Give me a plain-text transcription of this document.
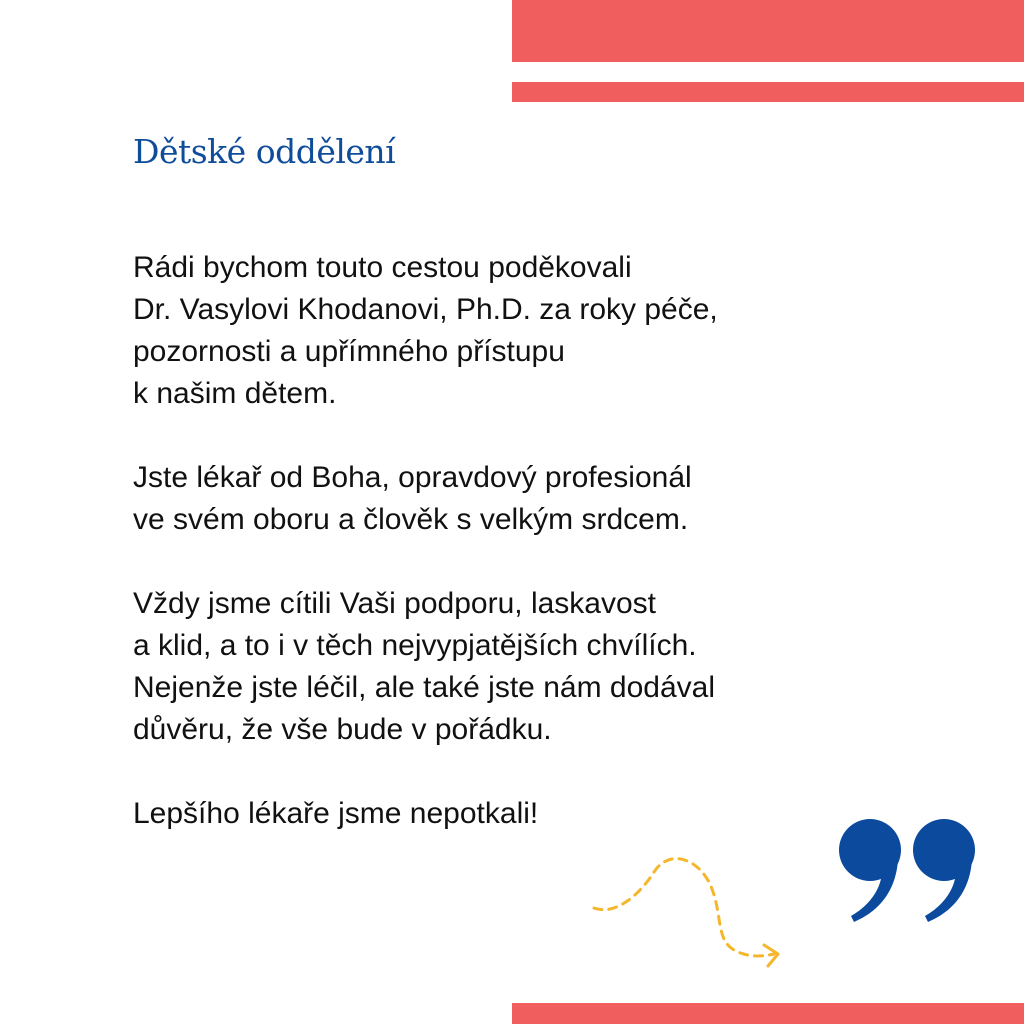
Dětské oddělení

Rádi bychom touto cestou poděkovali
Dr. Vasylovi Khodanovi, Ph.D. za roky péče,
pozornosti a upřímného přístupu
k našim dětem.

Jste lékař od Boha, opravdový profesionál
ve svém oboru a člověk s velkým srdcem.

Vždy jsme cítili Vaši podporu, laskavost
a klid, a to i v těch nejvypjatějších chvílích.
Nejenže jste léčil, ale také jste nám dodával
důvěru, že vše bude v pořádku.

Lepšího lékaře jsme nepotkali!
